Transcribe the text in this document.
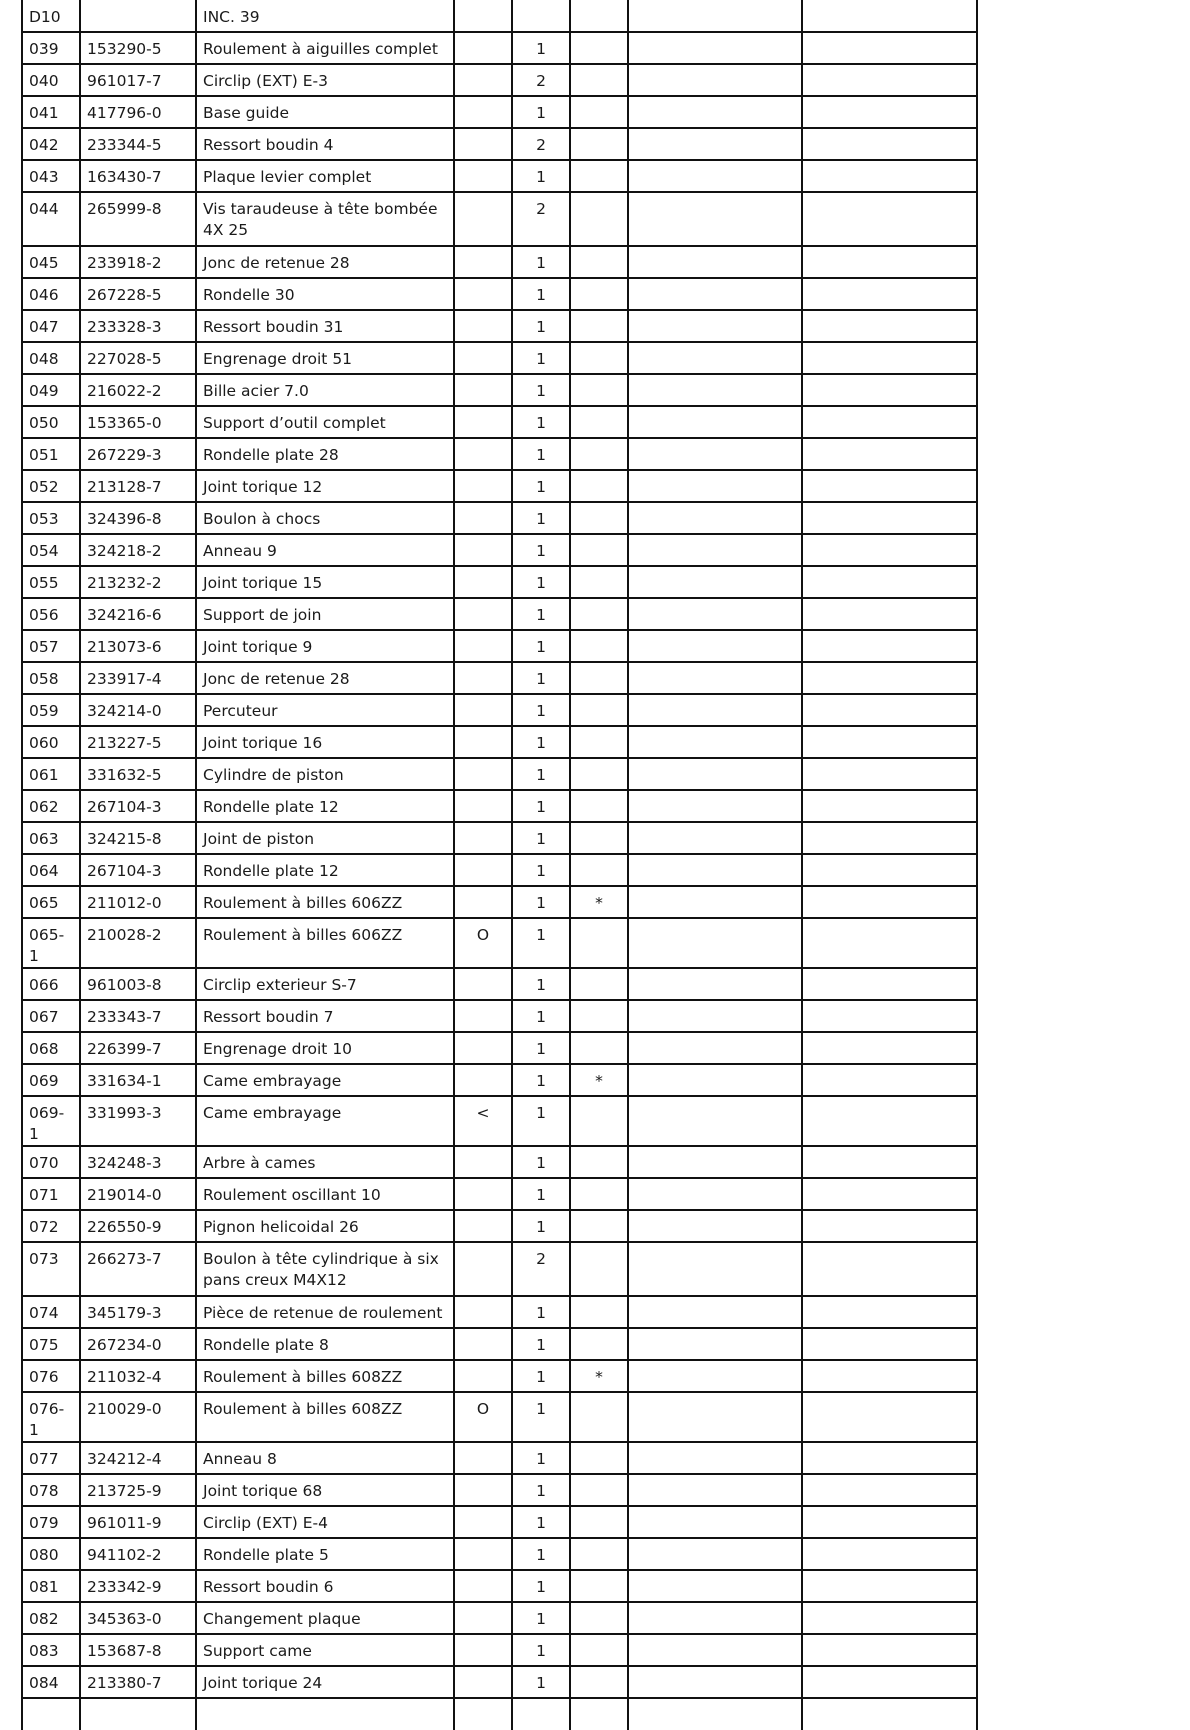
D10		INC. 39					
039	153290-5	Roulement à aiguilles complet		1			
040	961017-7	Circlip (EXT) E-3		2			
041	417796-0	Base guide		1			
042	233344-5	Ressort boudin 4		2			
043	163430-7	Plaque levier complet		1			
044	265999-8	Vis taraudeuse à tête bombée 4X 25		2			
045	233918-2	Jonc de retenue 28		1			
046	267228-5	Rondelle 30		1			
047	233328-3	Ressort boudin 31		1			
048	227028-5	Engrenage droit 51		1			
049	216022-2	Bille acier 7.0		1			
050	153365-0	Support d’outil complet		1			
051	267229-3	Rondelle plate 28		1			
052	213128-7	Joint torique 12		1			
053	324396-8	Boulon à chocs		1			
054	324218-2	Anneau 9		1			
055	213232-2	Joint torique 15		1			
056	324216-6	Support de join		1			
057	213073-6	Joint torique 9		1			
058	233917-4	Jonc de retenue 28		1			
059	324214-0	Percuteur		1			
060	213227-5	Joint torique 16		1			
061	331632-5	Cylindre de piston		1			
062	267104-3	Rondelle plate 12		1			
063	324215-8	Joint de piston		1			
064	267104-3	Rondelle plate 12		1			
065	211012-0	Roulement à billes 606ZZ		1	*		
065-1	210028-2	Roulement à billes 606ZZ	O	1			
066	961003-8	Circlip exterieur S-7		1			
067	233343-7	Ressort boudin 7		1			
068	226399-7	Engrenage droit 10		1			
069	331634-1	Came embrayage		1	*		
069-1	331993-3	Came embrayage	<	1			
070	324248-3	Arbre à cames		1			
071	219014-0	Roulement oscillant 10		1			
072	226550-9	Pignon helicoidal 26		1			
073	266273-7	Boulon à tête cylindrique à six pans creux M4X12		2			
074	345179-3	Pièce de retenue de roulement		1			
075	267234-0	Rondelle plate 8		1			
076	211032-4	Roulement à billes 608ZZ		1	*		
076-1	210029-0	Roulement à billes 608ZZ	O	1			
077	324212-4	Anneau 8		1			
078	213725-9	Joint torique 68		1			
079	961011-9	Circlip (EXT) E-4		1			
080	941102-2	Rondelle plate 5		1			
081	233342-9	Ressort boudin 6		1			
082	345363-0	Changement plaque		1			
083	153687-8	Support came		1			
084	213380-7	Joint torique 24		1			
